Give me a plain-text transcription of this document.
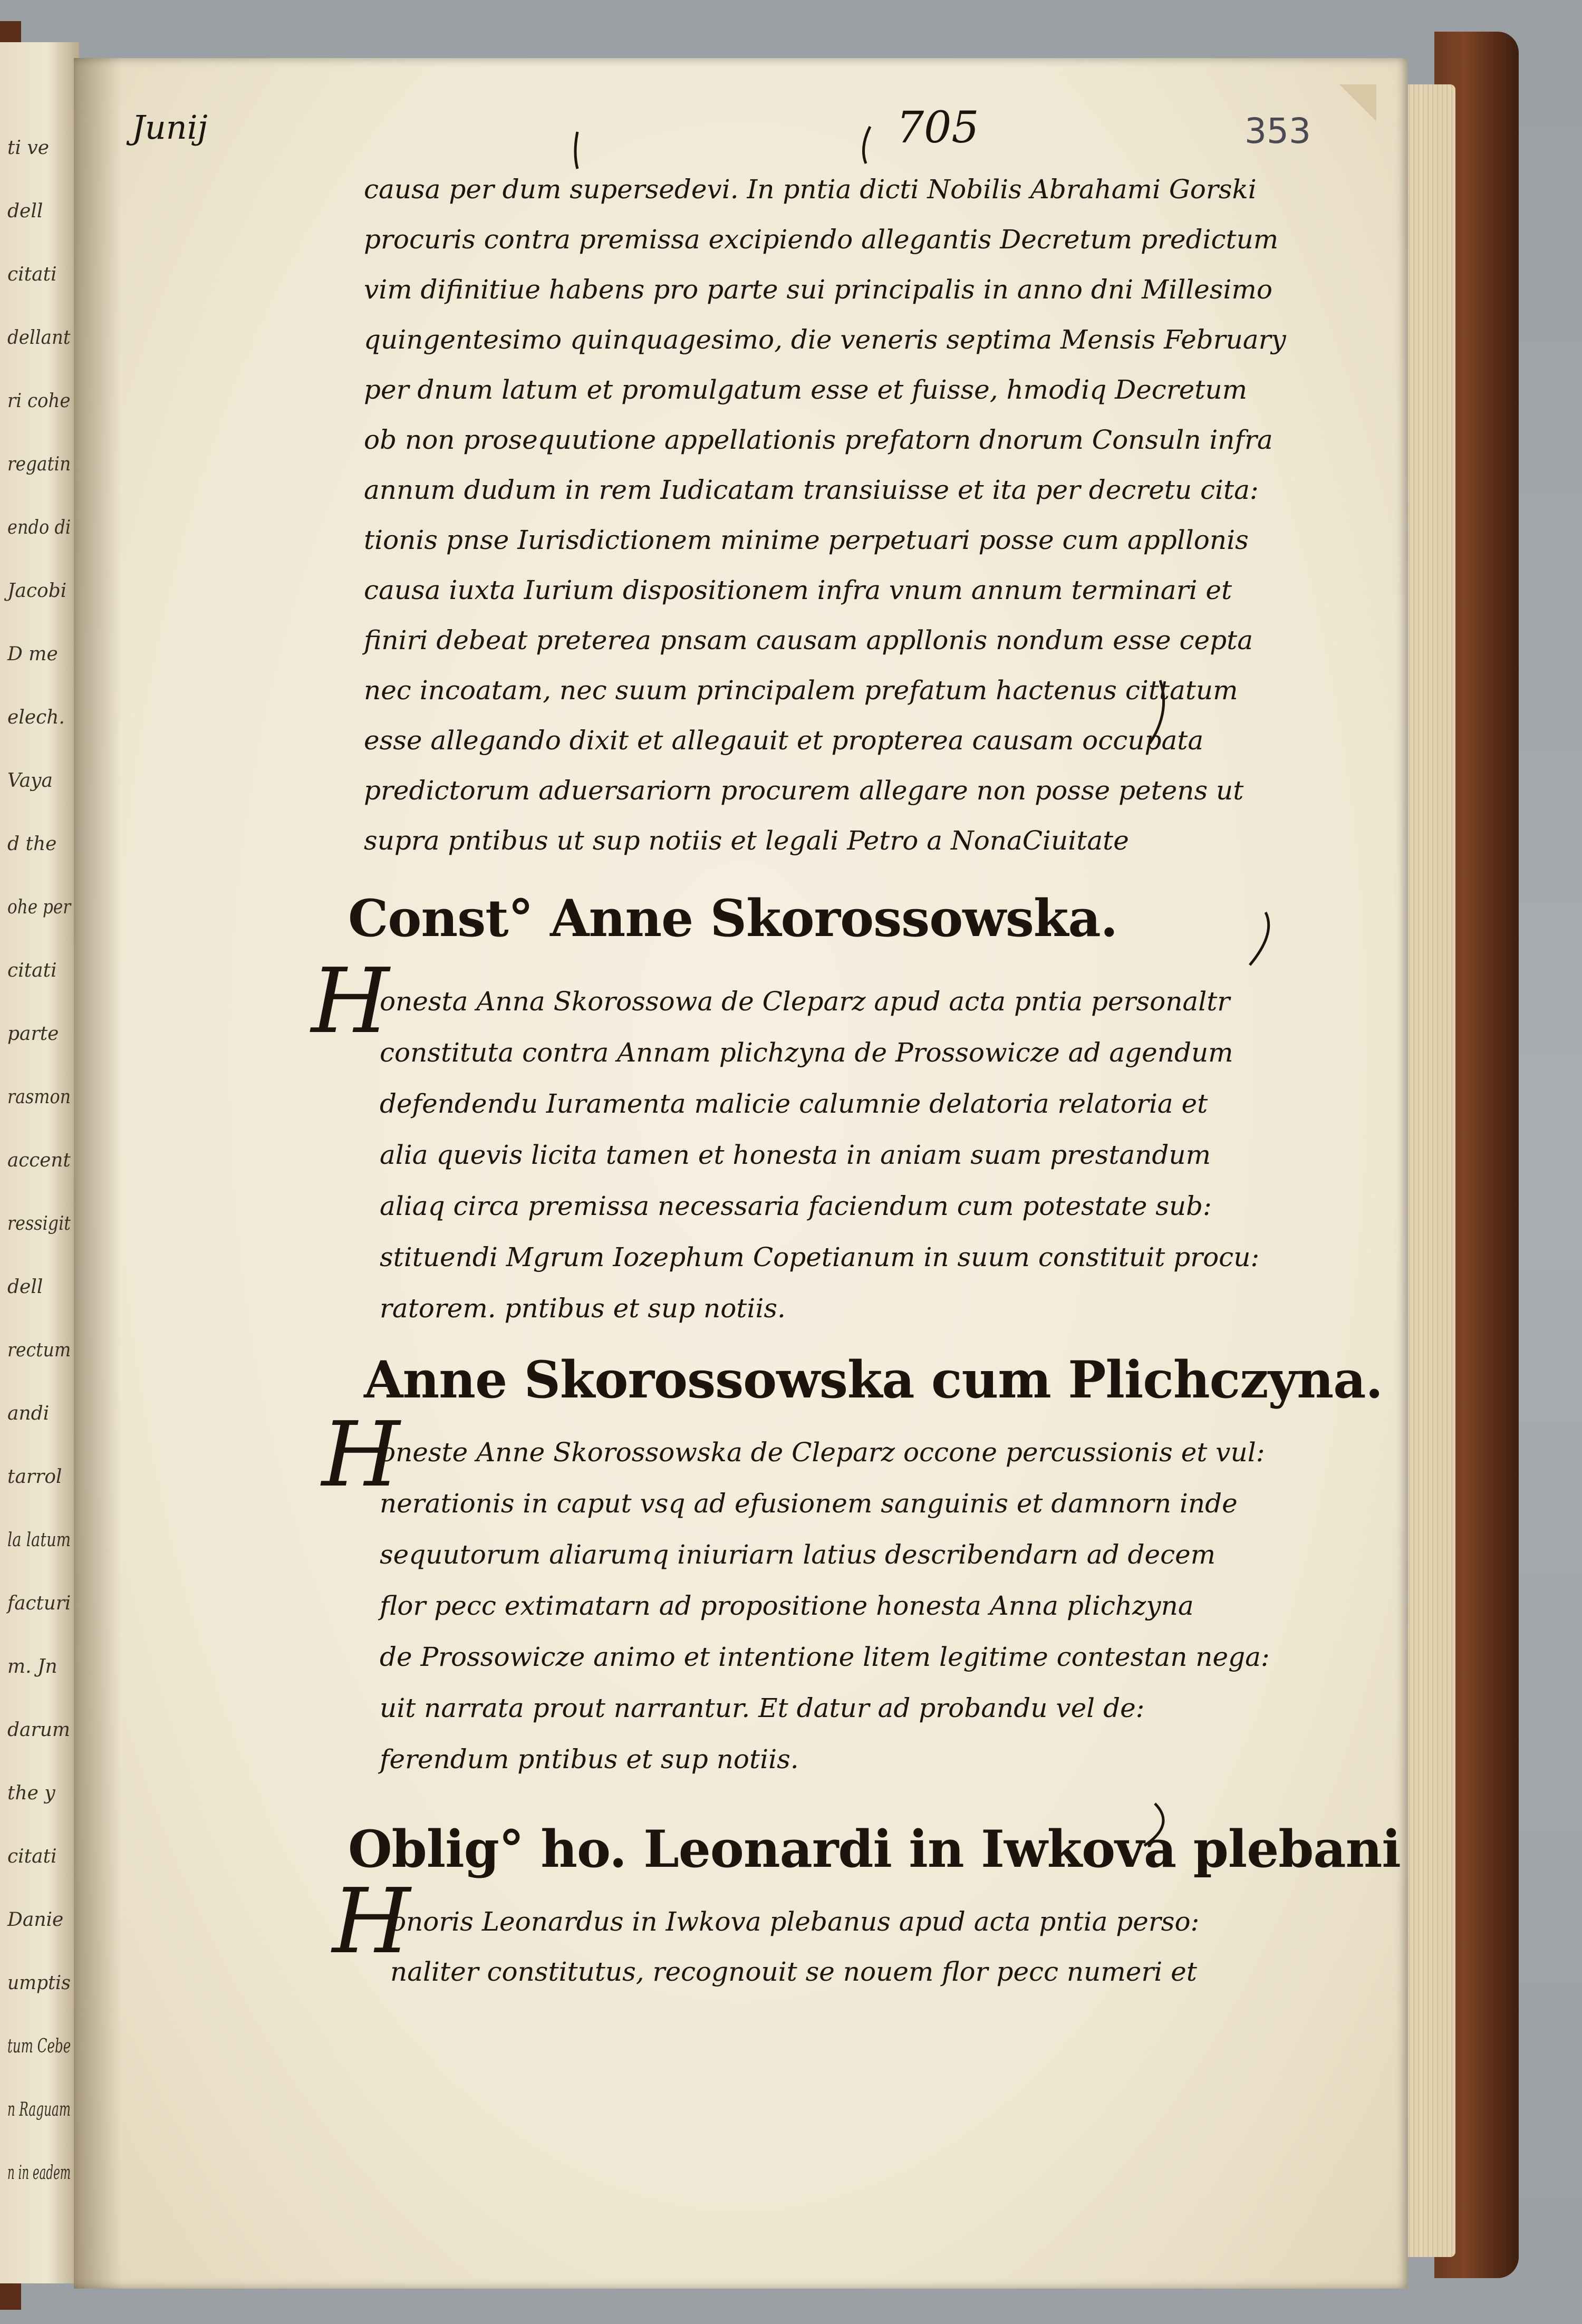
ti ve
dell
citati
dellant
ri cohe
regatin
endo di
Jacobi
D me
elech.
Vaya
d the
ohe per
citati
parte
rasmon
accent
ressigit
dell
rectum
andi
tarrol
la latum
facturi
m. Jn
darum
the y
citati
Danie
umptis
tum Cebe
n Raguam
n in eadem
Junij	705	353
causa per dum supersedevi. In pntia dicti Nobilis Abrahami Gorski
procuris contra premissa excipiendo allegantis Decretum predictum
vim difinitiue habens pro parte sui principalis in anno dni Millesimo
quingentesimo quinquagesimo, die veneris septima Mensis February
per dnum latum et promulgatum esse et fuisse, hmodiq Decretum
ob non prosequutione appellationis prefatorn dnorum Consuln infra
annum dudum in rem Iudicatam transiuisse et ita per decretu cita:
tionis pnse Iurisdictionem minime perpetuari posse cum appllonis
causa iuxta Iurium dispositionem infra vnum annum terminari et
finiri debeat preterea pnsam causam appllonis nondum esse cepta
nec incoatam, nec suum principalem prefatum hactenus cittatum
esse allegando dixit et allegauit et propterea causam occupata
predictorum aduersariorn procurem allegare non posse petens ut
supra pntibus ut sup notiis et legali Petro a NonaCiuitate
Const° Anne Skorossowska.
H
onesta Anna Skorossowa de Cleparz apud acta pntia personaltr
constituta contra Annam plichzyna de Prossowicze ad agendum
defendendu Iuramenta malicie calumnie delatoria relatoria et
alia quevis licita tamen et honesta in aniam suam prestandum
aliaq circa premissa necessaria faciendum cum potestate sub:
stituendi Mgrum Iozephum Copetianum in suum constituit procu:
ratorem. pntibus et sup notiis.
Anne Skorossowska cum Plichczyna.
H
oneste Anne Skorossowska de Cleparz occone percussionis et vul:
nerationis in caput vsq ad efusionem sanguinis et damnorn inde
sequutorum aliarumq iniuriarn latius describendarn ad decem
flor pecc extimatarn ad propositione honesta Anna plichzyna
de Prossowicze animo et intentione litem legitime contestan nega:
uit narrata prout narrantur. Et datur ad probandu vel de:
ferendum pntibus et sup notiis.
Oblig° ho. Leonardi in Iwkova plebani
H
onoris Leonardus in Iwkova plebanus apud acta pntia perso:
naliter constitutus, recognouit se nouem flor pecc numeri et
